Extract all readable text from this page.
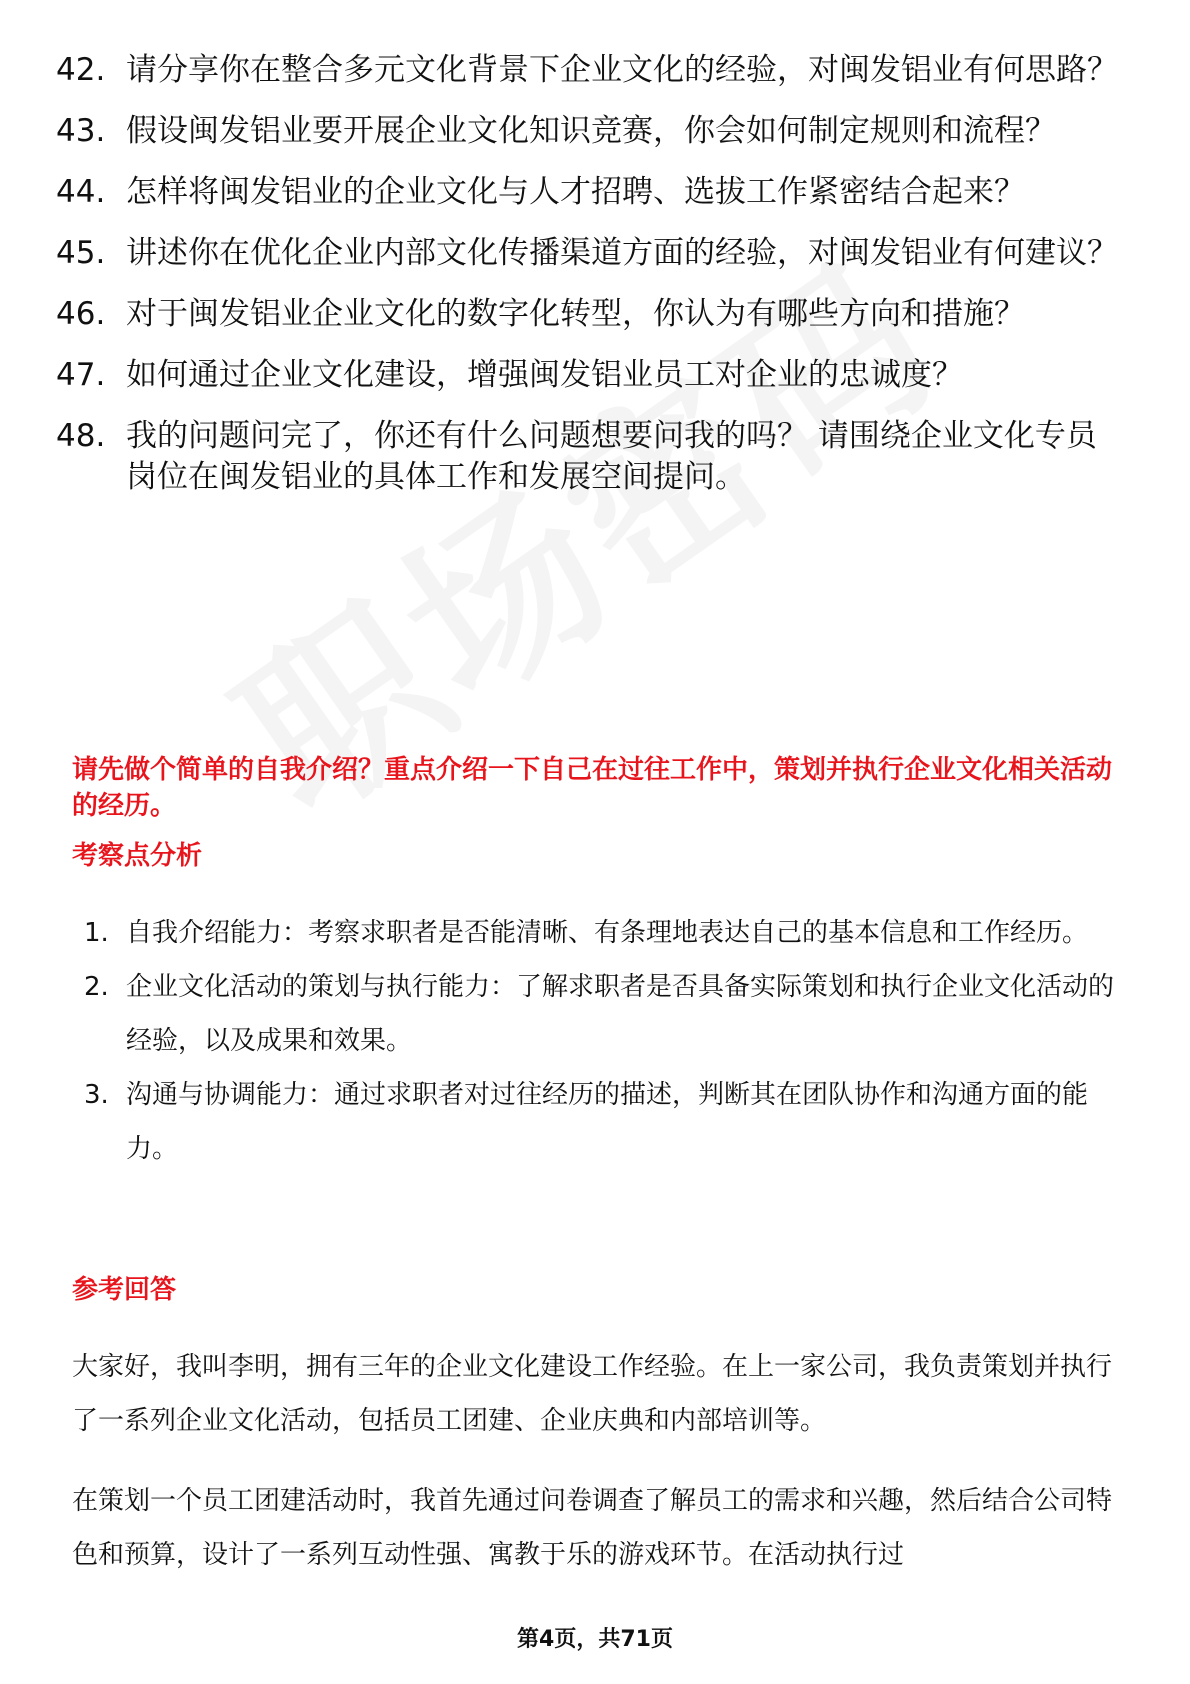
42. 请分享你在整合多元文化背景下企业文化的经验，对闽发铝业有何思路？
43. 假设闽发铝业要开展企业文化知识竞赛，你会如何制定规则和流程？
44. 怎样将闽发铝业的企业文化与人才招聘、选拔工作紧密结合起来？
45. 讲述你在优化企业内部文化传播渠道方面的经验，对闽发铝业有何建议？
46. 对于闽发铝业企业文化的数字化转型，你认为有哪些方向和措施？
47. 如何通过企业文化建设，增强闽发铝业员工对企业的忠诚度？
48. 我的问题问完了，你还有什么问题想要问我的吗？ 请围绕企业文化专员岗位在闽发铝业的具体工作和发展空间提问。
请先做个简单的自我介绍？重点介绍一下自己在过往工作中，策划并执行企业文化相关活动的经历。
考察点分析
1. 自我介绍能力：考察求职者是否能清晰、有条理地表达自己的基本信息和工作经历。
2. 企业文化活动的策划与执行能力：了解求职者是否具备实际策划和执行企业文化活动的经验，以及成果和效果。
3. 沟通与协调能力：通过求职者对过往经历的描述，判断其在团队协作和沟通方面的能力。
参考回答
大家好，我叫李明，拥有三年的企业文化建设工作经验。在上一家公司，我负责策划并执行了一系列企业文化活动，包括员工团建、企业庆典和内部培训等。
在策划一个员工团建活动时，我首先通过问卷调查了解员工的需求和兴趣，然后结合公司特色和预算，设计了一系列互动性强、寓教于乐的游戏环节。在活动执行过
第4页，共71页
